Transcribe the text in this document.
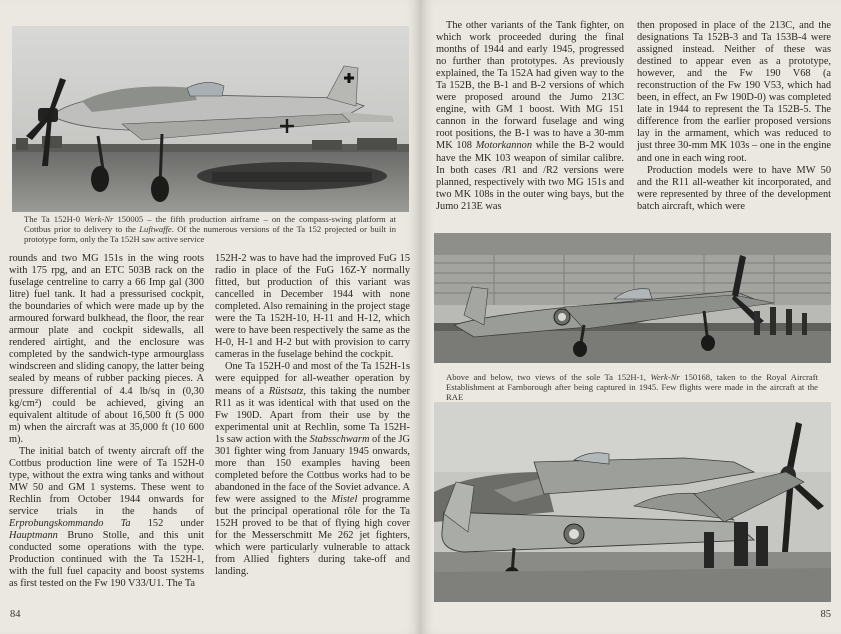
The Ta 152H-0 Werk-Nr 150005 – the fifth production airframe – on the compass-swing platform at Cottbus prior to delivery to the Luftwaffe. Of the numerous versions of the Ta 152 projected or built in prototype form, only the Ta 152H saw active service

rounds and two MG 151s in the wing roots with 175 rpg, and an ETC 503B rack on the fuselage centreline to carry a 66 Imp gal (300 litre) fuel tank. It had a pressurised cockpit, the boundaries of which were made up by the armoured forward bulkhead, the floor, the rear armour plate and cockpit sidewalls, all rendered airtight, and the enclosure was completed by the sandwich-type armourglass windscreen and sliding canopy, the latter being sealed by means of rubber packing pieces. A pressure differential of 4.4 lb/sq in (0,30 kg/cm²) could be achieved, giving an equivalent altitude of about 16,500 ft (5 000 m) when the aircraft was at 35,000 ft (10 600 m).

The initial batch of twenty aircraft off the Cottbus production line were of Ta 152H-0 type, without the extra wing tanks and without MW 50 and GM 1 systems. These went to Rechlin from October 1944 onwards for service trials in the hands of Erprobungskommando Ta 152 under Hauptmann Bruno Stolle, and this unit conducted some operations with the type. Production continued with the Ta 152H-1, with the full fuel capacity and boost systems as first tested on the Fw 190 V33/U1. The Ta

152H-2 was to have had the improved FuG 15 radio in place of the FuG 16Z-Y normally fitted, but production of this variant was cancelled in December 1944 with none completed. Also remaining in the project stage were the Ta 152H-10, H-11 and H-12, which were to have been respectively the same as the H-0, H-1 and H-2 but with provision to carry cameras in the fuselage behind the cockpit.

One Ta 152H-0 and most of the Ta 152H-1s were equipped for all-weather operation by means of a Rüstsatz, this taking the number R11 as it was identical with that used on the Fw 190D. Apart from their use by the experimental unit at Rechlin, some Ta 152H-1s saw action with the Stabsschwarm of the JG 301 fighter wing from January 1945 onwards, more than 150 examples having been completed before the Cottbus works had to be abandoned in the face of the Soviet advance. A few were assigned to the Mistel programme but the principal operational rôle for the Ta 152H proved to be that of flying high cover for the Messerschmitt Me 262 jet fighters, which were particularly vulnerable to attack from Allied fighters during take-off and landing.

84

The other variants of the Tank fighter, on which work proceeded during the final months of 1944 and early 1945, progressed no further than prototypes. As previously explained, the Ta 152A had given way to the Ta 152B, the B-1 and B-2 versions of which were proposed around the Jumo 213C engine, with GM 1 boost. With MG 151 cannon in the forward fuselage and wing root positions, the B-1 was to have a 30-mm MK 108 Motorkannon while the B-2 would have the MK 103 weapon of similar calibre. In both cases /R1 and /R2 versions were planned, respectively with two MG 151s and two MK 108s in the outer wing bays, but the Jumo 213E was

then proposed in place of the 213C, and the designations Ta 152B-3 and Ta 153B-4 were assigned instead. Neither of these was destined to appear even as a prototype, however, and the Fw 190 V68 (a reconstruction of the Fw 190 V53, which had been, in effect, an Fw 190D-0) was completed late in 1944 to represent the Ta 152B-5. The difference from the earlier proposed versions lay in the armament, which was reduced to just three 30-mm MK 103s – one in the engine and one in each wing root.

Production models were to have MW 50 and the R11 all-weather kit incorporated, and were represented by three of the development batch aircraft, which were

Above and below, two views of the sole Ta 152H-1, Werk-Nr 150168, taken to the Royal Aircraft Establishment at Farnborough after being captured in 1945. Few flights were made in the aircraft at the RAE
85
